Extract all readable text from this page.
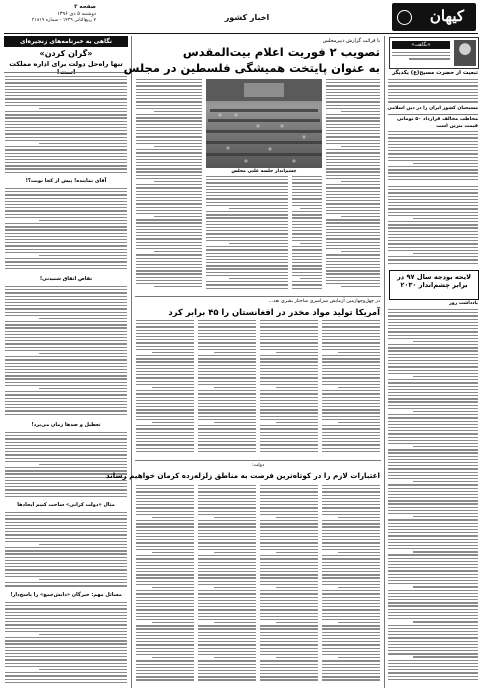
صفحه ۲
دوشنبه ۵ دی ۱۳۹۶
۷ ربیع‌الثانی ۱۴۳۹ - شماره ۲۱۸۱۹	اخبار کشور	کیهان
نگاهی به خبرنامه‌های زنجیره‌ای
«گران کردن»
تنها راه‌حل دولت برای اداره مملکت است!
آقای نماینده! پیش از کجا نوبت؟!
تقاص اتفاق شنیدنی!
تعطیل و صدها زمان می‌برد!
مثال «دولت کرانی» ساخت کنیم ایجادها
مسائل مهم: خبرگان «دانش‌جمع» را پاسخ‌دار!
با قرائت گزارش دبیرمجلس
تصویب ۲ فوریت اعلام بیت‌المقدس
به عنوان پایتخت همیشگی فلسطین در مجلس
چشم‌انداز جلسه علنی مجلس
در چهل‌وچهارمین آزمایش سراسری ساختار بشری بعد...
آمریکا تولید مواد مخدر در افغانستان را ۴۵ برابر کرد
دولت:
اعتبارات لازم را در کوتاه‌ترین فرصت به مناطق زلزله‌زده کرمان خواهیم رساند
«نگاهت»
تبعیت از حضرت مسیح(ع) یکدیگر
مسیحیان کشور ایران را در دین اسلامی
مخاطب مخالف قرارداد ۵۰ تومانی قیمت بنزین است
لایحه بودجه سال ۹۷ در برابر چشم‌انداز ۲۰۳۰
یادداشت روز
